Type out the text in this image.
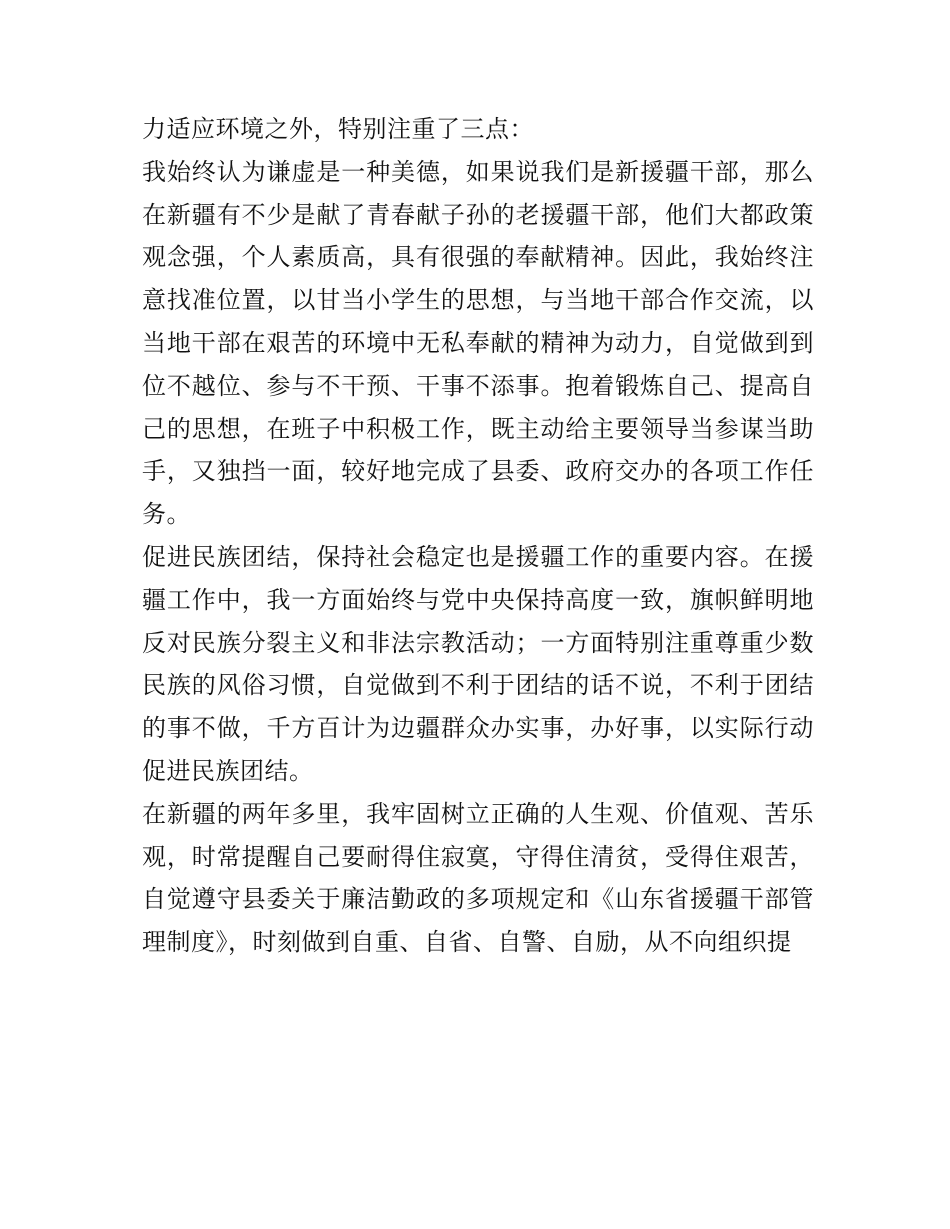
力适应环境之外，特别注重了三点：

我始终认为谦虚是一种美德，如果说我们是新援疆干部，那么在新疆有不少是献了青春献子孙的老援疆干部，他们大都政策观念强，个人素质高，具有很强的奉献精神。因此，我始终注意找准位置，以甘当小学生的思想，与当地干部合作交流，以当地干部在艰苦的环境中无私奉献的精神为动力，自觉做到到位不越位、参与不干预、干事不添事。抱着锻炼自己、提高自己的思想，在班子中积极工作，既主动给主要领导当参谋当助手，又独挡一面，较好地完成了县委、政府交办的各项工作任务。

促进民族团结，保持社会稳定也是援疆工作的重要内容。在援疆工作中，我一方面始终与党中央保持高度一致，旗帜鲜明地反对民族分裂主义和非法宗教活动；一方面特别注重尊重少数民族的风俗习惯，自觉做到不利于团结的话不说，不利于团结的事不做，千方百计为边疆群众办实事，办好事，以实际行动促进民族团结。

在新疆的两年多里，我牢固树立正确的人生观、价值观、苦乐观，时常提醒自己要耐得住寂寞，守得住清贫，受得住艰苦，自觉遵守县委关于廉洁勤政的多项规定和《山东省援疆干部管理制度》，时刻做到自重、自省、自警、自励，从不向组织提
